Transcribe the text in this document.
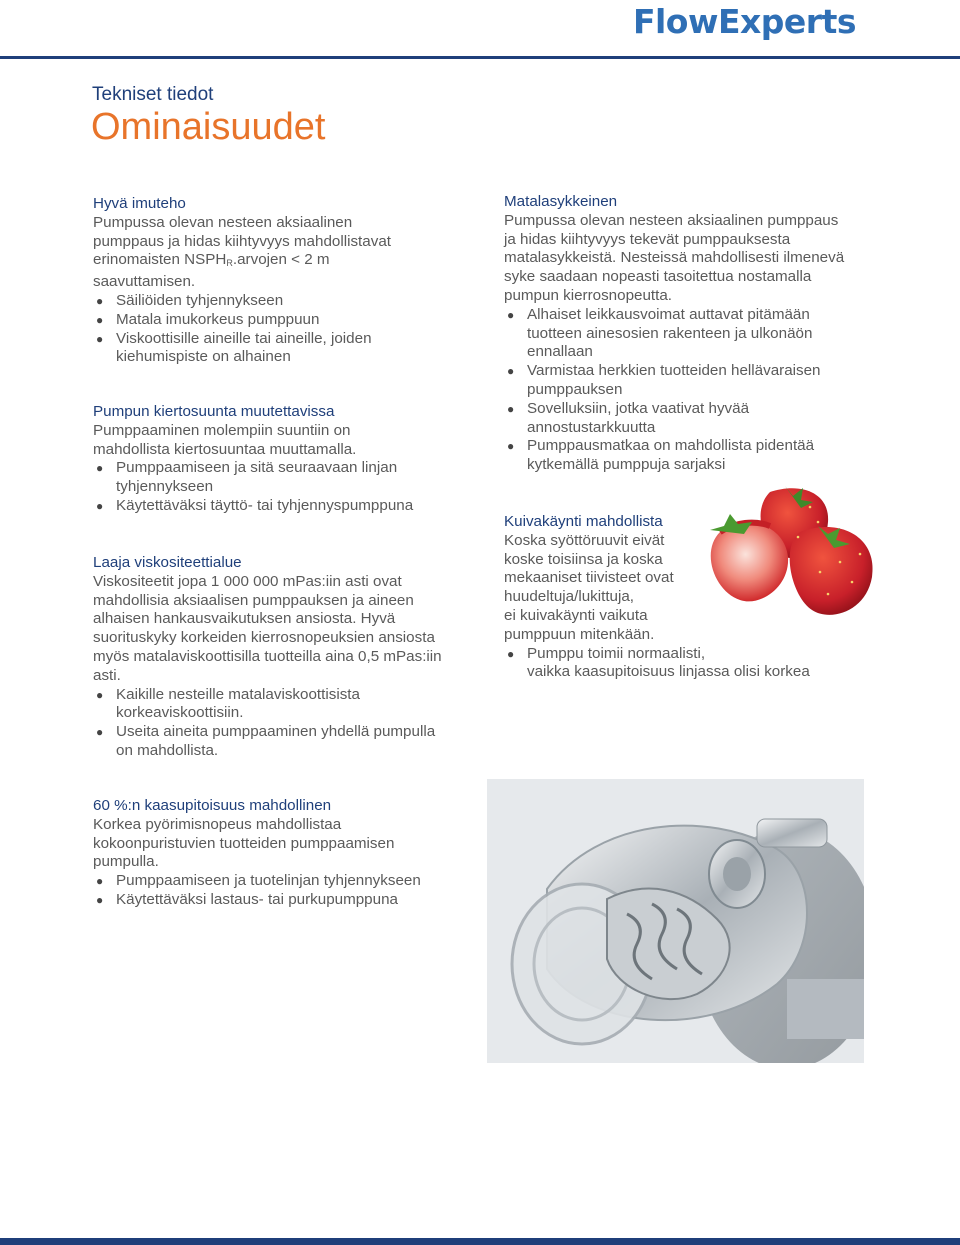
FlowExperts
Tekniset tiedot
Ominaisuudet
Hyvä imuteho

Pumpussa olevan nesteen aksiaalinen pumppaus ja hidas kiihtyvyys mahdollistavat erinomaisten $NSPH_R.arvojen < 2$ m saavuttamisen.

● Säiliöiden tyhjennykseen
● Matala imukorkeus pumppuun
● Viskoottisille aineille tai aineille, joiden kiehumispiste on alhainen
Pumpun kiertosuunta muutettavissa

Pumppaaminen molempiin suuntiin on mahdollista kiertosuuntaa muuttamalla.

● Pumppaamiseen ja sitä seuraavaan linjan tyhjennykseen
● Käytettäväksi täyttö- tai tyhjennyspumppuna
Laaja viskositeettialue

Viskositeetit jopa 1 000 000 mPas:iin asti ovat mahdollisia aksiaalisen pumppauksen ja aineen alhaisen hankausvaikutuksen ansiosta. Hyvä suorituskyky korkeiden kierrosnopeuksien ansiosta myös matalaviskoottisilla tuotteilla aina 0,5 mPas:iin asti.

● Kaikille nesteille matalaviskoottisista korkeaviskoottisiin.
● Useita aineita pumppaaminen yhdellä pumpulla on mahdollista.
60 %:n kaasupitoisuus mahdollinen

Korkea pyörimisnopeus mahdollistaa kokoonpuristuvien tuotteiden pumppaamisen pumpulla.

● Pumppaamiseen ja tuotelinjan tyhjennykseen
● Käytettäväksi lastaus- tai purkupumppuna
Matalasykkeinen

Pumpussa olevan nesteen aksiaalinen pumppaus ja hidas kiihtyvyys tekevät pumppauksesta matalasykkeistä. Nesteissä mahdollisesti ilmenevä syke saadaan nopeasti tasoitettua nostamalla pumpun kierrosnopeutta.

● Alhaiset leikkausvoimat auttavat pitämään tuotteen ainesosien rakenteen ja ulkonäön ennallaan
● Varmistaa herkkien tuotteiden hellävaraisen pumppauksen
● Sovelluksiin, jotka vaativat hyvää annostustarkkuutta
● Pumppausmatkaa on mahdollista pidentää kytkemällä pumppuja sarjaksi
Kuivakäynti mahdollista

Koska syöttöruuvit eivät

koske toisiinsa ja koska

mekaaniset tiivisteet ovat

huudeltuja/lukittuja,

ei kuivakäynti vaikuta

pumppuun mitenkään.

● Pumppu toimii normaalisti,
vaikka kaasupitoisuus linjassa olisi korkea
